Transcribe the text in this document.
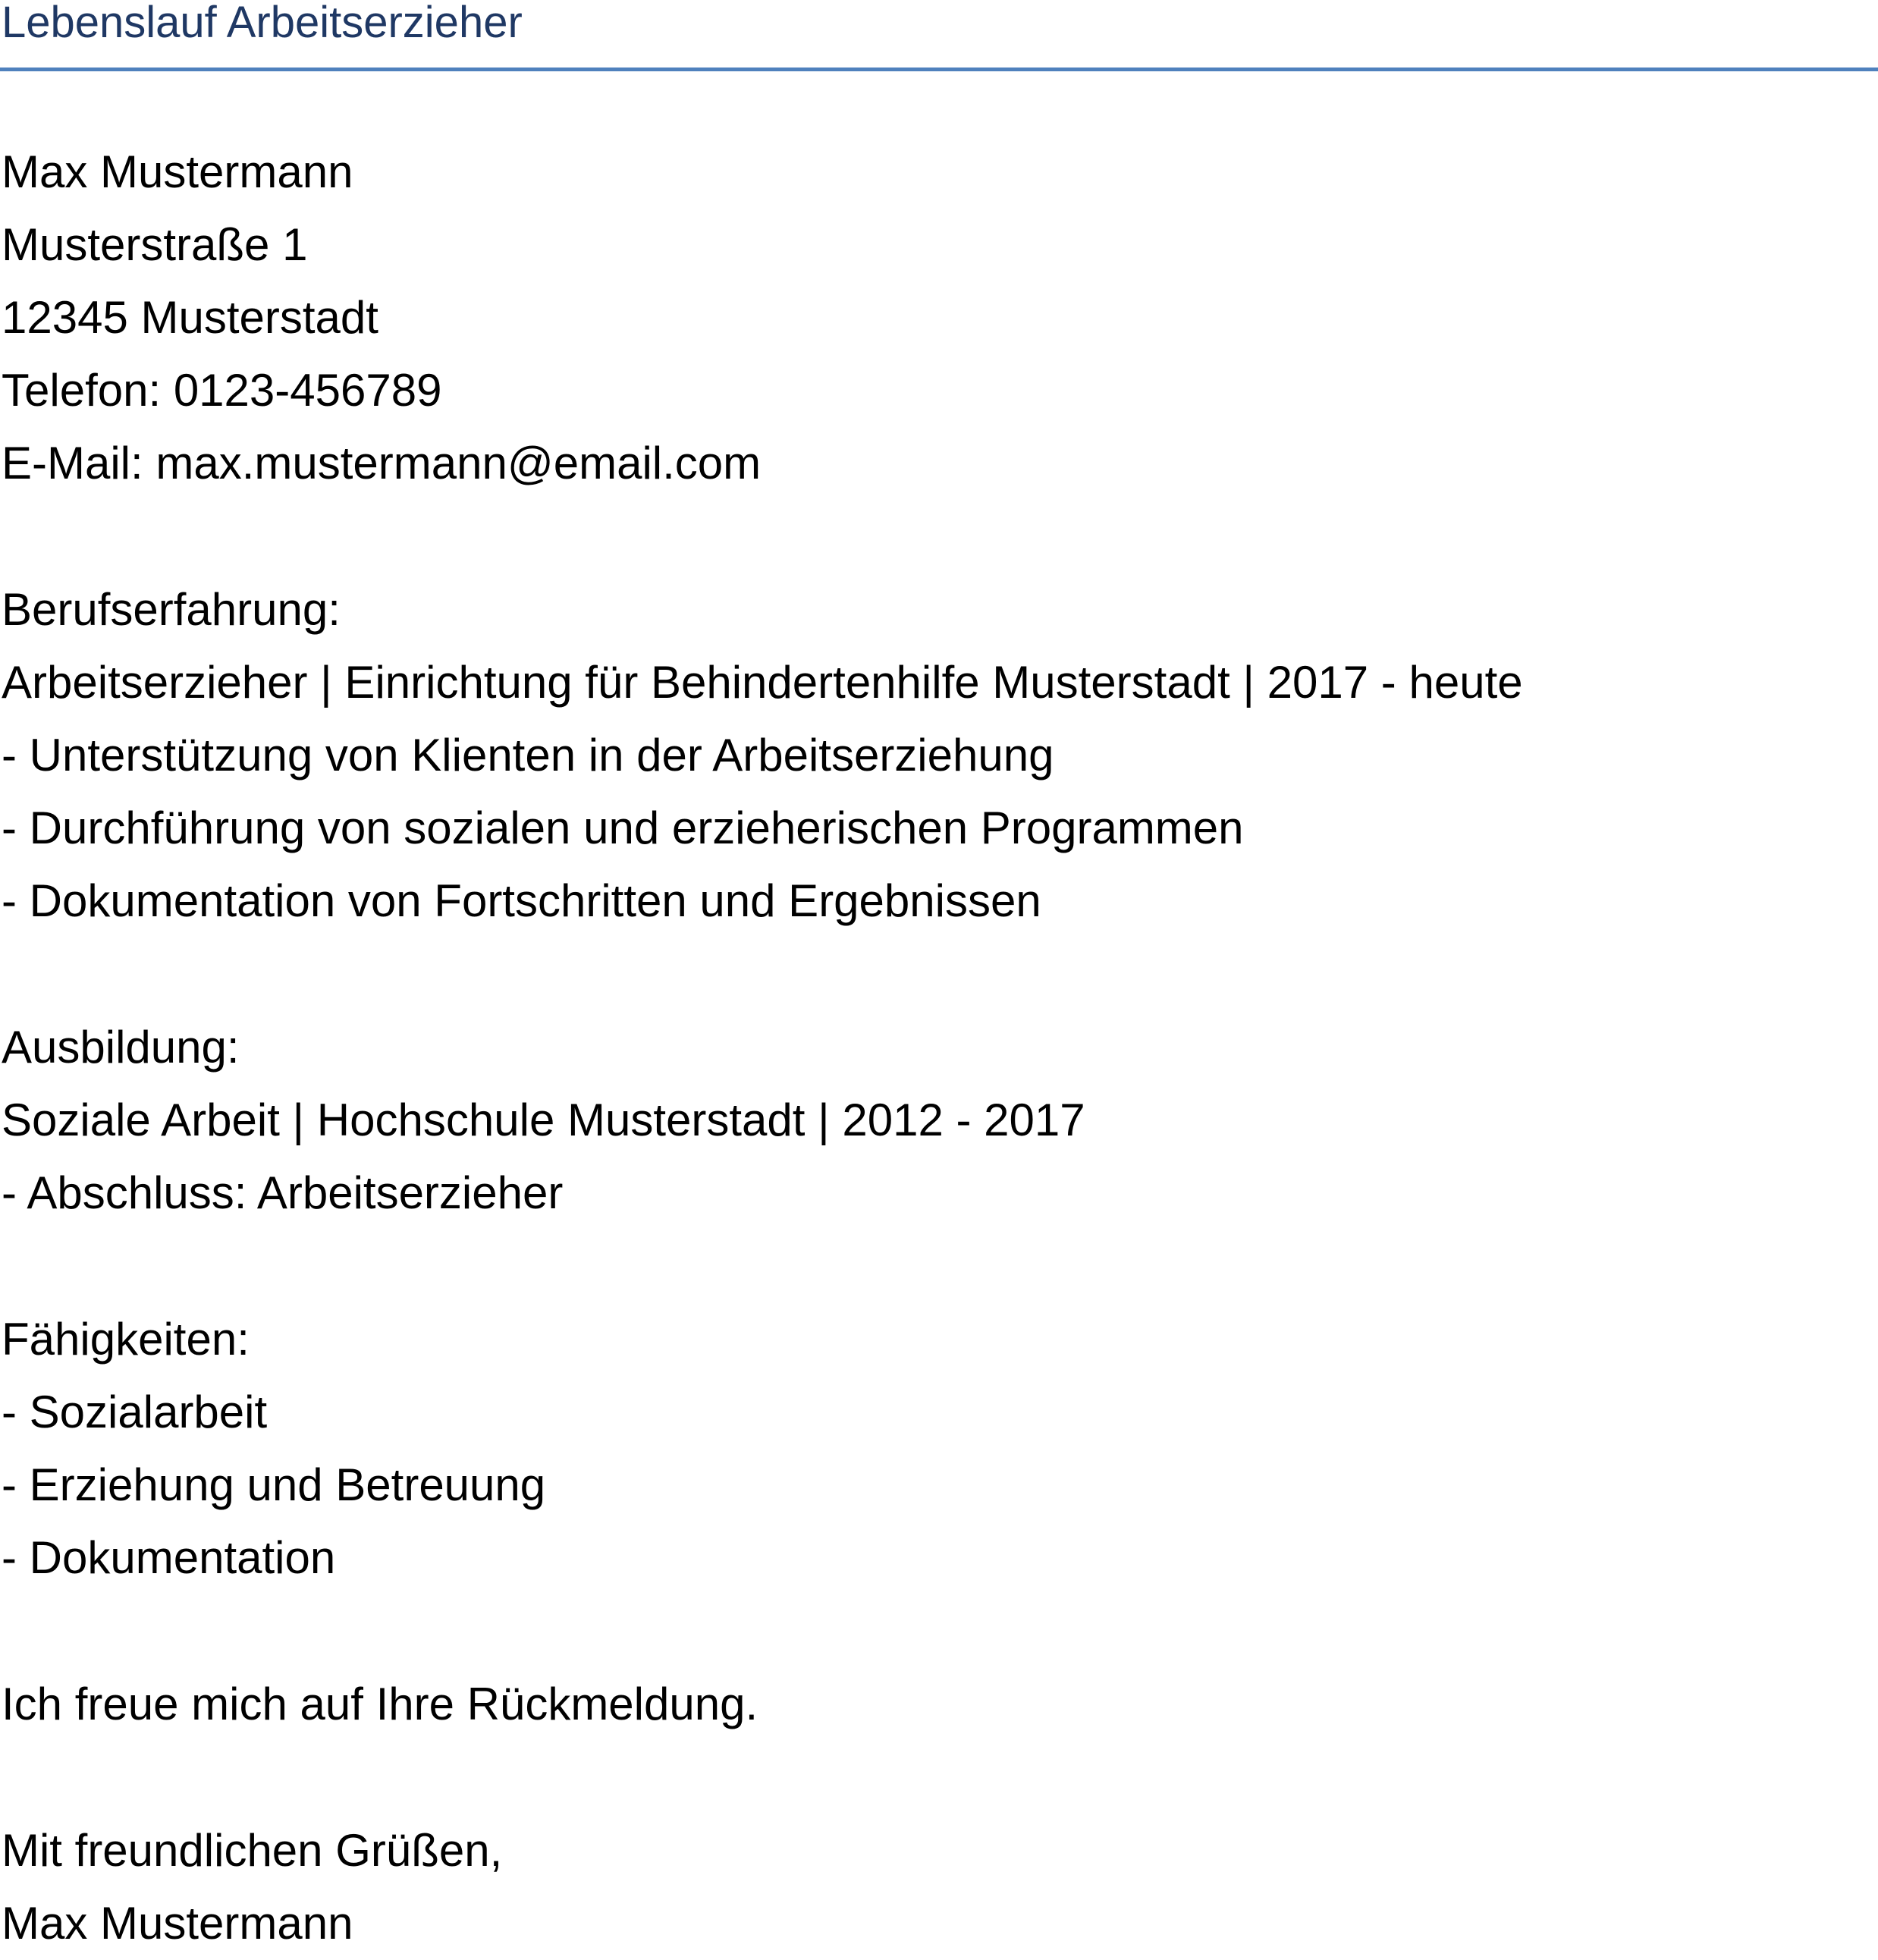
Lebenslauf Arbeitserzieher
Max Mustermann
Musterstraße 1
12345 Musterstadt
Telefon: 0123-456789
E-Mail: max.mustermann@email.com
Berufserfahrung:
Arbeitserzieher | Einrichtung für Behindertenhilfe Musterstadt | 2017 - heute
- Unterstützung von Klienten in der Arbeitserziehung
- Durchführung von sozialen und erzieherischen Programmen
- Dokumentation von Fortschritten und Ergebnissen
Ausbildung:
Soziale Arbeit | Hochschule Musterstadt | 2012 - 2017
- Abschluss: Arbeitserzieher
Fähigkeiten:
- Sozialarbeit
- Erziehung und Betreuung
- Dokumentation
Ich freue mich auf Ihre Rückmeldung.
Mit freundlichen Grüßen,
Max Mustermann
